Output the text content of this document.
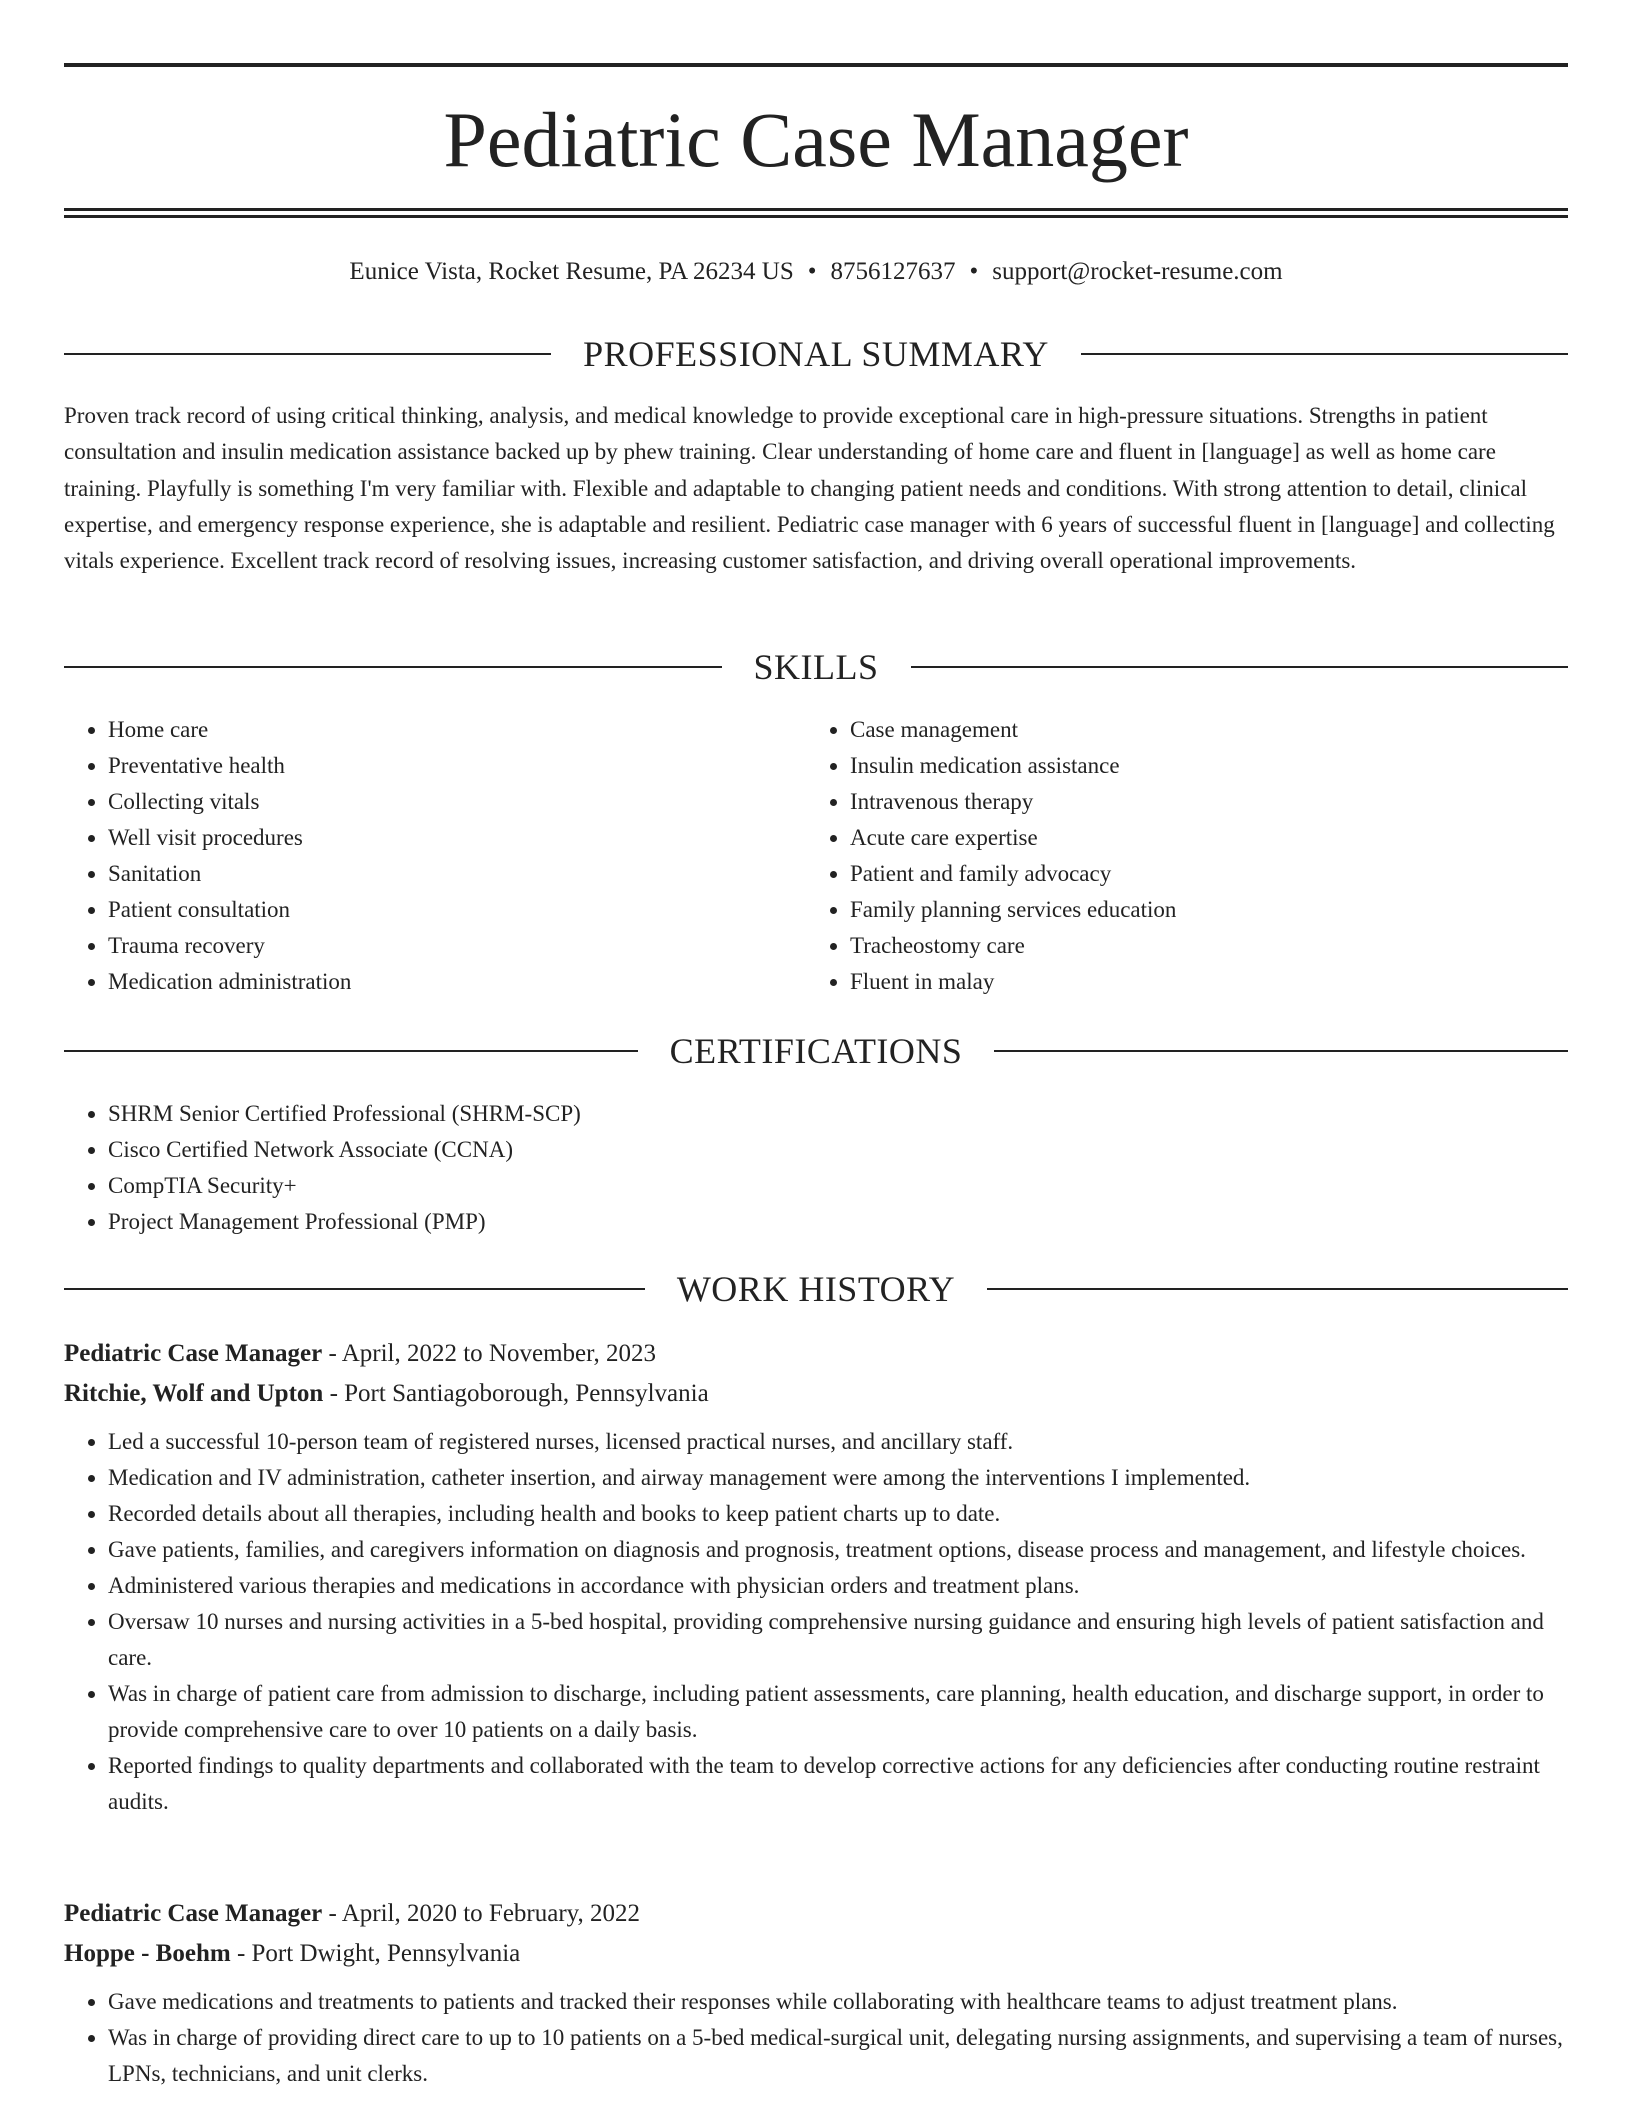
Pediatric Case Manager
Eunice Vista, Rocket Resume, PA 26234 US • 8756127637 • support@rocket-resume.com
PROFESSIONAL SUMMARY

Proven track record of using critical thinking, analysis, and medical knowledge to provide exceptional care in high-pressure situations. Strengths in patient consultation and insulin medication assistance backed up by phew training. Clear understanding of home care and fluent in [language] as well as home care training. Playfully is something I'm very familiar with. Flexible and adaptable to changing patient needs and conditions. With strong attention to detail, clinical expertise, and emergency response experience, she is adaptable and resilient. Pediatric case manager with 6 years of successful fluent in [language] and collecting vitals experience. Excellent track record of resolving issues, increasing customer satisfaction, and driving overall operational improvements.

SKILLS
• Home care
• Preventative health
• Collecting vitals
• Well visit procedures
• Sanitation
• Patient consultation
• Trauma recovery
• Medication administration
• Case management
• Insulin medication assistance
• Intravenous therapy
• Acute care expertise
• Patient and family advocacy
• Family planning services education
• Tracheostomy care
• Fluent in malay
CERTIFICATIONS
• SHRM Senior Certified Professional (SHRM-SCP)
• Cisco Certified Network Associate (CCNA)
• CompTIA Security+
• Project Management Professional (PMP)
WORK HISTORY
Pediatric Case Manager - April, 2022 to November, 2023
Ritchie, Wolf and Upton - Port Santiagoborough, Pennsylvania
• Led a successful 10-person team of registered nurses, licensed practical nurses, and ancillary staff.
• Medication and IV administration, catheter insertion, and airway management were among the interventions I implemented.
• Recorded details about all therapies, including health and books to keep patient charts up to date.
• Gave patients, families, and caregivers information on diagnosis and prognosis, treatment options, disease process and management, and lifestyle choices.
• Administered various therapies and medications in accordance with physician orders and treatment plans.
• Oversaw 10 nurses and nursing activities in a 5-bed hospital, providing comprehensive nursing guidance and ensuring high levels of patient satisfaction and care.
• Was in charge of patient care from admission to discharge, including patient assessments, care planning, health education, and discharge support, in order to provide comprehensive care to over 10 patients on a daily basis.
• Reported findings to quality departments and collaborated with the team to develop corrective actions for any deficiencies after conducting routine restraint audits.
Pediatric Case Manager - April, 2020 to February, 2022
Hoppe - Boehm - Port Dwight, Pennsylvania
• Gave medications and treatments to patients and tracked their responses while collaborating with healthcare teams to adjust treatment plans.
• Was in charge of providing direct care to up to 10 patients on a 5-bed medical-surgical unit, delegating nursing assignments, and supervising a team of nurses, LPNs, technicians, and unit clerks.
